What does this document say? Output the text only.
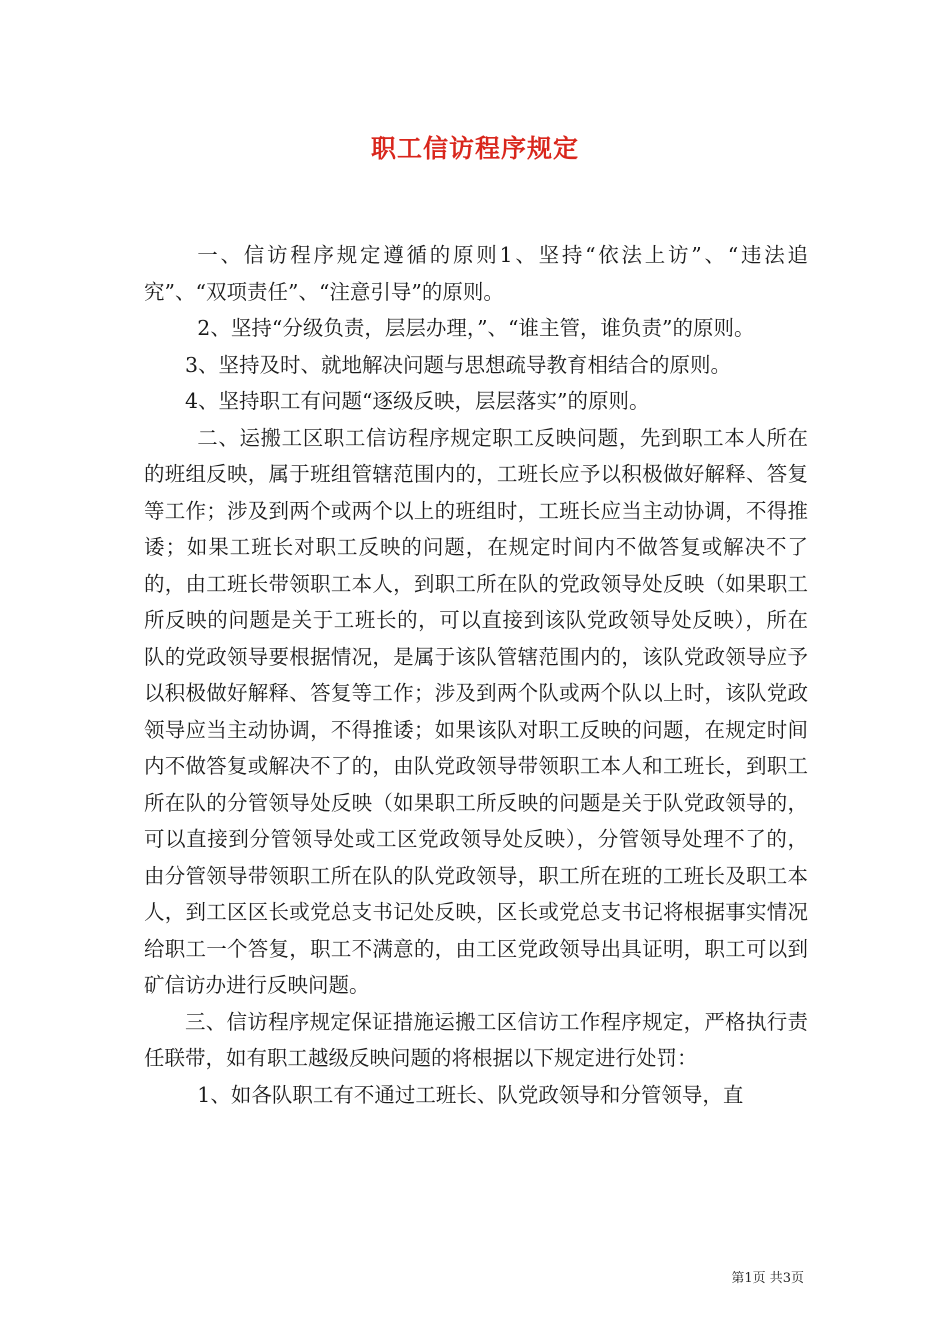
职工信访程序规定

一、信访程序规定遵循的原则1、坚持“依法上访”、“违法追究”、“双项责任”、“注意引导”的原则。

2、坚持“分级负责，层层办理，”、“谁主管，谁负责”的原则。

3、坚持及时、就地解决问题与思想疏导教育相结合的原则。

4、坚持职工有问题“逐级反映，层层落实”的原则。

二、运搬工区职工信访程序规定职工反映问题，先到职工本人所在的班组反映，属于班组管辖范围内的，工班长应予以积极做好解释、答复等工作；涉及到两个或两个以上的班组时，工班长应当主动协调，不得推诿；如果工班长对职工反映的问题，在规定时间内不做答复或解决不了的，由工班长带领职工本人，到职工所在队的党政领导处反映（如果职工所反映的问题是关于工班长的，可以直接到该队党政领导处反映），所在队的党政领导要根据情况，是属于该队管辖范围内的，该队党政领导应予以积极做好解释、答复等工作；涉及到两个队或两个队以上时，该队党政领导应当主动协调，不得推诿；如果该队对职工反映的问题，在规定时间内不做答复或解决不了的，由队党政领导带领职工本人和工班长，到职工所在队的分管领导处反映（如果职工所反映的问题是关于队党政领导的，可以直接到分管领导处或工区党政领导处反映），分管领导处理不了的，由分管领导带领职工所在队的队党政领导，职工所在班的工班长及职工本人，到工区区长或党总支书记处反映，区长或党总支书记将根据事实情况给职工一个答复，职工不满意的，由工区党政领导出具证明，职工可以到矿信访办进行反映问题。

三、信访程序规定保证措施运搬工区信访工作程序规定，严格执行责任联带，如有职工越级反映问题的将根据以下规定进行处罚：

1、如各队职工有不通过工班长、队党政领导和分管领导，直

第1页 共3页
